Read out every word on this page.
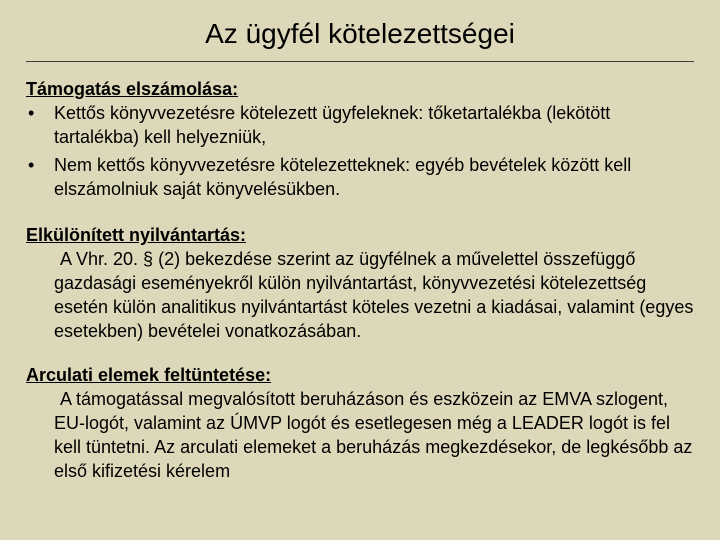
Az ügyfél kötelezettségei

Támogatás elszámolása:

• Kettős könyvvezetésre kötelezett ügyfeleknek: tőketartalékba (lekötött tartalékba) kell helyezniük,
• Nem kettős könyvvezetésre kötelezetteknek: egyéb bevételek között kell elszámolniuk saját könyvelésükben.

Elkülönített nyilvántartás:

A Vhr. 20. § (2) bekezdése szerint az ügyfélnek a művelettel összefüggő gazdasági eseményekről külön nyilvántartást, könyvvezetési kötelezettség esetén külön analitikus nyilvántartást köteles vezetni a kiadásai, valamint (egyes esetekben) bevételei vonatkozásában.

Arculati elemek feltüntetése:

A támogatással megvalósított beruházáson és eszközein az EMVA szlogent, EU-logót, valamint az ÚMVP logót és esetlegesen még a LEADER logót is fel kell tüntetni. Az arculati elemeket a beruházás megkezdésekor, de legkésőbb az első kifizetési kérelem
